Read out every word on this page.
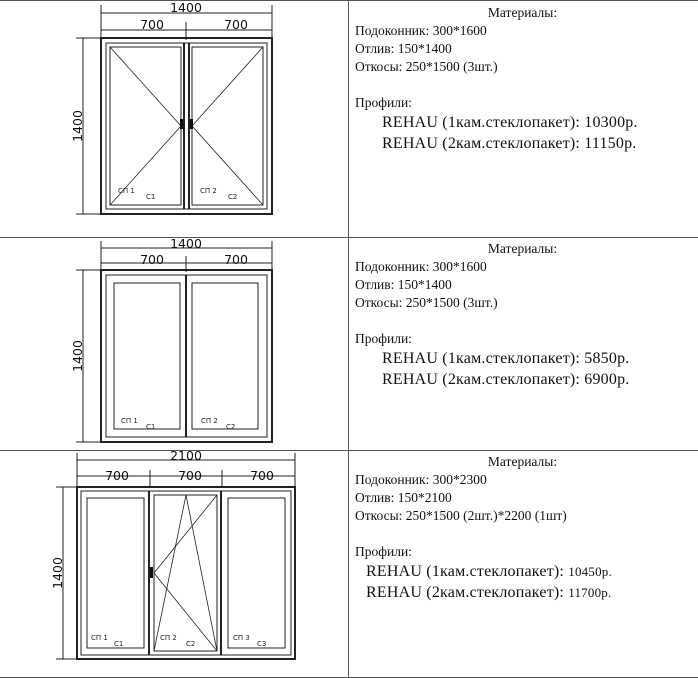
1400
700	700
1400
СП 1
С1
СП 2
С2
Материалы:
Подоконник: 300*1600
Отлив: 150*1400
Откосы: 250*1500 (3шт.)
Профили:
REHAU (1кам.стеклопакет): 10300р.
REHAU (2кам.стеклопакет): 11150р.
1400
700	700
1400
СП 1
С1
СП 2
С2
Материалы:
Подоконник: 300*1600
Отлив: 150*1400
Откосы: 250*1500 (3шт.)
Профили:
REHAU (1кам.стеклопакет): 5850р.
REHAU (2кам.стеклопакет): 6900р.
2100
700	700	700
1400
СП 1
С1
СП 2
С2
СП 3
С3
Материалы:
Подоконник: 300*2300
Отлив: 150*2100
Откосы: 250*1500 (2шт.)*2200 (1шт)
Профили:
REHAU (1кам.стеклопакет): 10450р.
REHAU (2кам.стеклопакет): 11700р.
